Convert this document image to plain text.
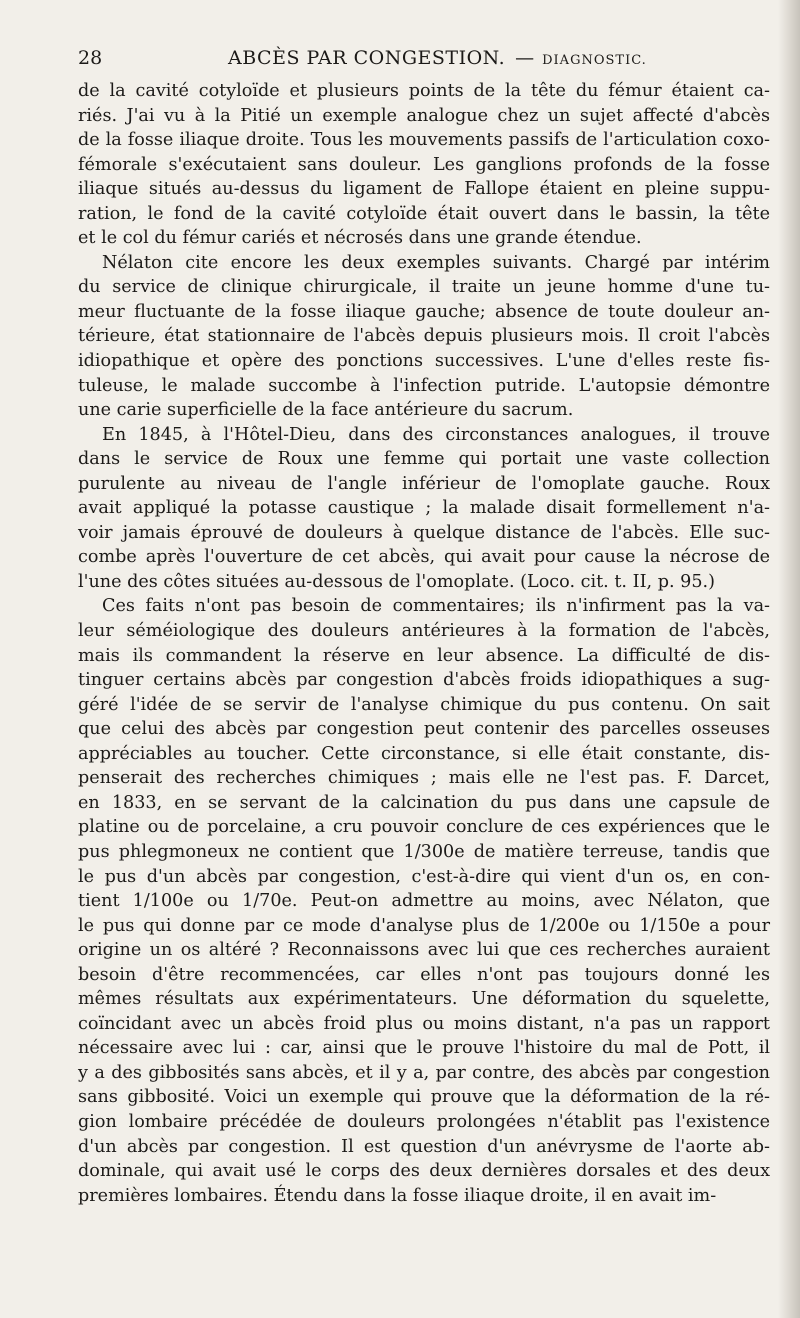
28	ABCÈS PAR CONGESTION. — DIAGNOSTIC.

de la cavité cotyloïde et plusieurs points de la tête du fémur étaient ca-
riés. J'ai vu à la Pitié un exemple analogue chez un sujet affecté d'abcès
de la fosse iliaque droite. Tous les mouvements passifs de l'articulation coxo-
fémorale s'exécutaient sans douleur. Les ganglions profonds de la fosse
iliaque situés au-dessus du ligament de Fallope étaient en pleine suppu-
ration, le fond de la cavité cotyloïde était ouvert dans le bassin, la tête
et le col du fémur cariés et nécrosés dans une grande étendue.

Nélaton cite encore les deux exemples suivants. Chargé par intérim
du service de clinique chirurgicale, il traite un jeune homme d'une tu-
meur fluctuante de la fosse iliaque gauche; absence de toute douleur an-
térieure, état stationnaire de l'abcès depuis plusieurs mois. Il croit l'abcès
idiopathique et opère des ponctions successives. L'une d'elles reste fis-
tuleuse, le malade succombe à l'infection putride. L'autopsie démontre
une carie superficielle de la face antérieure du sacrum.

En 1845, à l'Hôtel-Dieu, dans des circonstances analogues, il trouve
dans le service de Roux une femme qui portait une vaste collection
purulente au niveau de l'angle inférieur de l'omoplate gauche. Roux
avait appliqué la potasse caustique ; la malade disait formellement n'a-
voir jamais éprouvé de douleurs à quelque distance de l'abcès. Elle suc-
combe après l'ouverture de cet abcès, qui avait pour cause la nécrose de
l'une des côtes situées au-dessous de l'omoplate. (Loco. cit. t. II, p. 95.)

Ces faits n'ont pas besoin de commentaires; ils n'infirment pas la va-
leur séméiologique des douleurs antérieures à la formation de l'abcès,
mais ils commandent la réserve en leur absence. La difficulté de dis-
tinguer certains abcès par congestion d'abcès froids idiopathiques a sug-
géré l'idée de se servir de l'analyse chimique du pus contenu. On sait
que celui des abcès par congestion peut contenir des parcelles osseuses
appréciables au toucher. Cette circonstance, si elle était constante, dis-
penserait des recherches chimiques ; mais elle ne l'est pas. F. Darcet,
en 1833, en se servant de la calcination du pus dans une capsule de
platine ou de porcelaine, a cru pouvoir conclure de ces expériences que le
pus phlegmoneux ne contient que 1/300e de matière terreuse, tandis que
le pus d'un abcès par congestion, c'est-à-dire qui vient d'un os, en con-
tient 1/100e ou 1/70e. Peut-on admettre au moins, avec Nélaton, que
le pus qui donne par ce mode d'analyse plus de 1/200e ou 1/150e a pour
origine un os altéré ? Reconnaissons avec lui que ces recherches auraient
besoin d'être recommencées, car elles n'ont pas toujours donné les
mêmes résultats aux expérimentateurs. Une déformation du squelette,
coïncidant avec un abcès froid plus ou moins distant, n'a pas un rapport
nécessaire avec lui : car, ainsi que le prouve l'histoire du mal de Pott, il
y a des gibbosités sans abcès, et il y a, par contre, des abcès par congestion
sans gibbosité. Voici un exemple qui prouve que la déformation de la ré-
gion lombaire précédée de douleurs prolongées n'établit pas l'existence
d'un abcès par congestion. Il est question d'un anévrysme de l'aorte ab-
dominale, qui avait usé le corps des deux dernières dorsales et des deux
premières lombaires. Étendu dans la fosse iliaque droite, il en avait im-
